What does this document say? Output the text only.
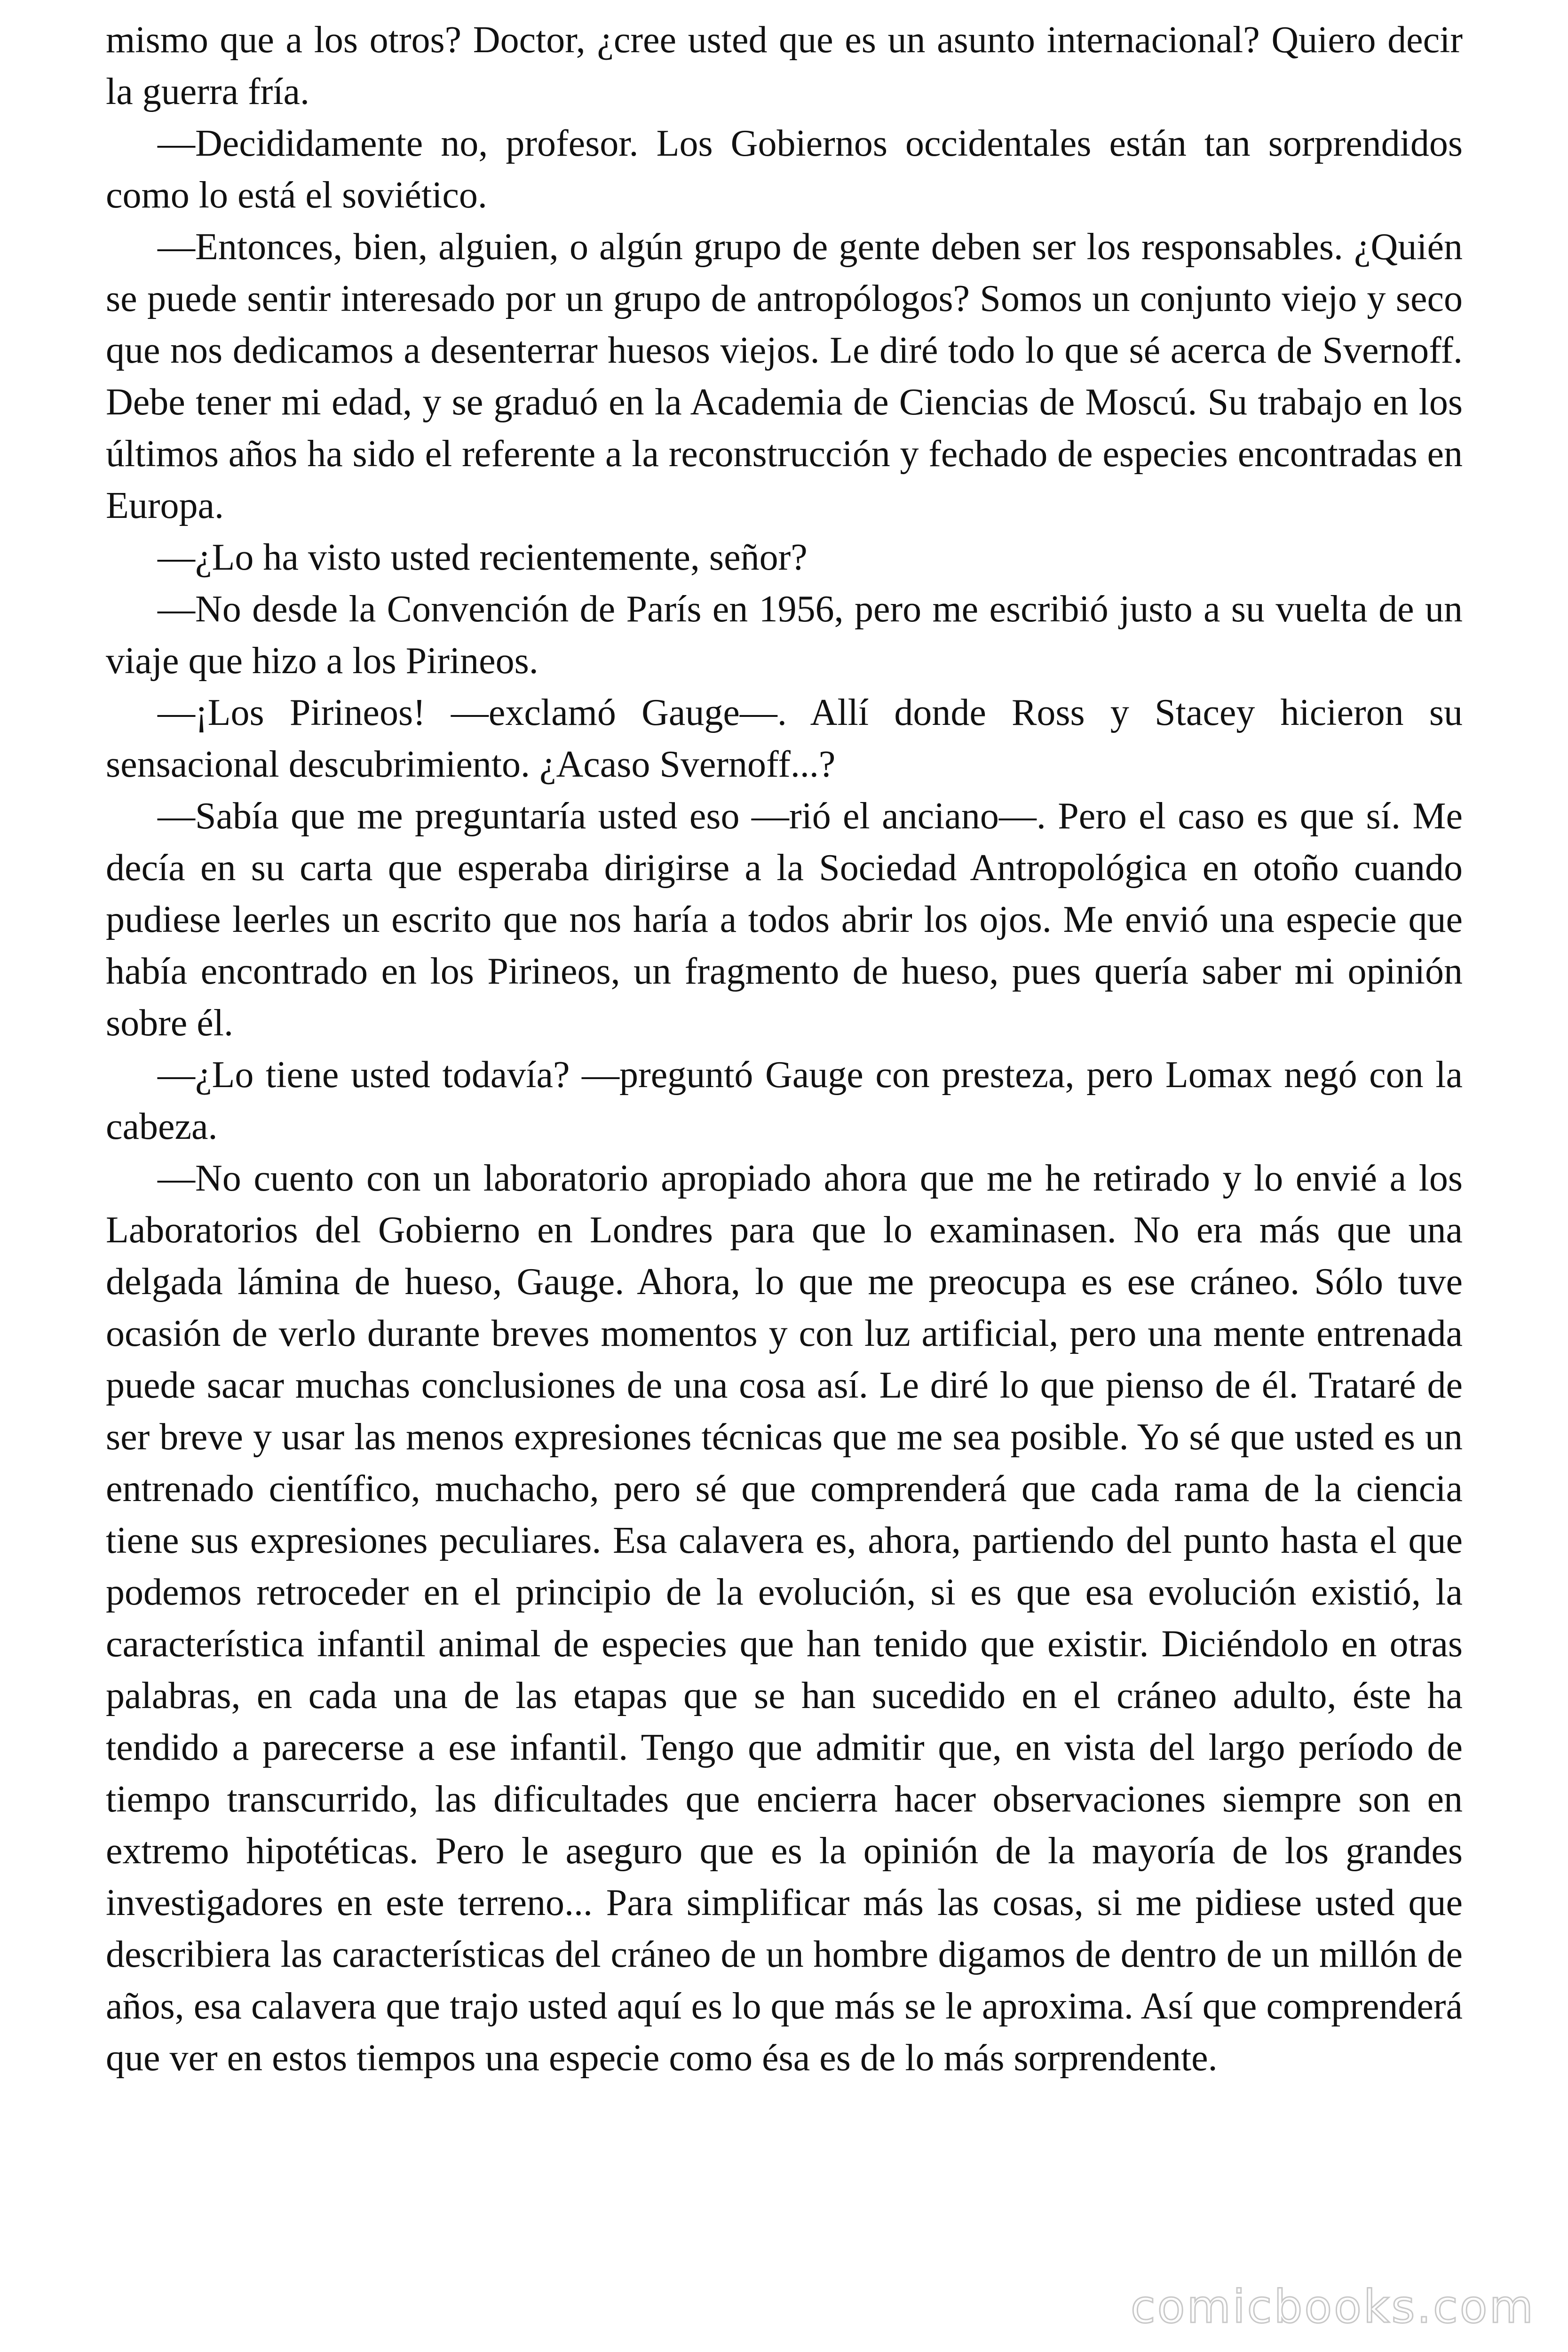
mismo que a los otros? Doctor, ¿cree usted que es un asunto internacional? Quiero decir la guerra fría.

—Decididamente no, profesor. Los Gobiernos occidentales están tan sorprendidos como lo está el soviético.

—Entonces, bien, alguien, o algún grupo de gente deben ser los responsables. ¿Quién se puede sentir interesado por un grupo de antropólogos? Somos un conjunto viejo y seco que nos dedicamos a desenterrar huesos viejos. Le diré todo lo que sé acerca de Svernoff. Debe tener mi edad, y se graduó en la Academia de Ciencias de Moscú. Su trabajo en los últimos años ha sido el referente a la reconstrucción y fechado de especies encontradas en Europa.

—¿Lo ha visto usted recientemente, señor?

—No desde la Convención de París en 1956, pero me escribió justo a su vuelta de un viaje que hizo a los Pirineos.

—¡Los Pirineos! —exclamó Gauge—. Allí donde Ross y Stacey hicieron su sensacional descubrimiento. ¿Acaso Svernoff...?

—Sabía que me preguntaría usted eso —rió el anciano—. Pero el caso es que sí. Me decía en su carta que esperaba dirigirse a la Sociedad Antropológica en otoño cuando pudiese leerles un escrito que nos haría a todos abrir los ojos. Me envió una especie que había encontrado en los Pirineos, un fragmento de hueso, pues quería saber mi opinión sobre él.

—¿Lo tiene usted todavía? —preguntó Gauge con presteza, pero Lomax negó con la cabeza.

—No cuento con un laboratorio apropiado ahora que me he retirado y lo envié a los Laboratorios del Gobierno en Londres para que lo examinasen. No era más que una delgada lámina de hueso, Gauge. Ahora, lo que me preocupa es ese cráneo. Sólo tuve ocasión de verlo durante breves momentos y con luz artificial, pero una mente entrenada puede sacar muchas conclusiones de una cosa así. Le diré lo que pienso de él. Trataré de ser breve y usar las menos expresiones técnicas que me sea posible. Yo sé que usted es un entrenado científico, muchacho, pero sé que comprenderá que cada rama de la ciencia tiene sus expresiones peculiares. Esa calavera es, ahora, partiendo del punto hasta el que podemos retroceder en el principio de la evolución, si es que esa evolución existió, la característica infantil animal de especies que han tenido que existir. Diciéndolo en otras palabras, en cada una de las etapas que se han sucedido en el cráneo adulto, éste ha tendido a parecerse a ese infantil. Tengo que admitir que, en vista del largo período de tiempo transcurrido, las dificultades que encierra hacer observaciones siempre son en extremo hipotéticas. Pero le aseguro que es la opinión de la mayoría de los grandes investigadores en este terreno... Para simplificar más las cosas, si me pidiese usted que describiera las características del cráneo de un hombre digamos de dentro de un millón de años, esa calavera que trajo usted aquí es lo que más se le aproxima. Así que comprenderá que ver en estos tiempos una especie como ésa es de lo más sorprendente.

comicbooks.com
